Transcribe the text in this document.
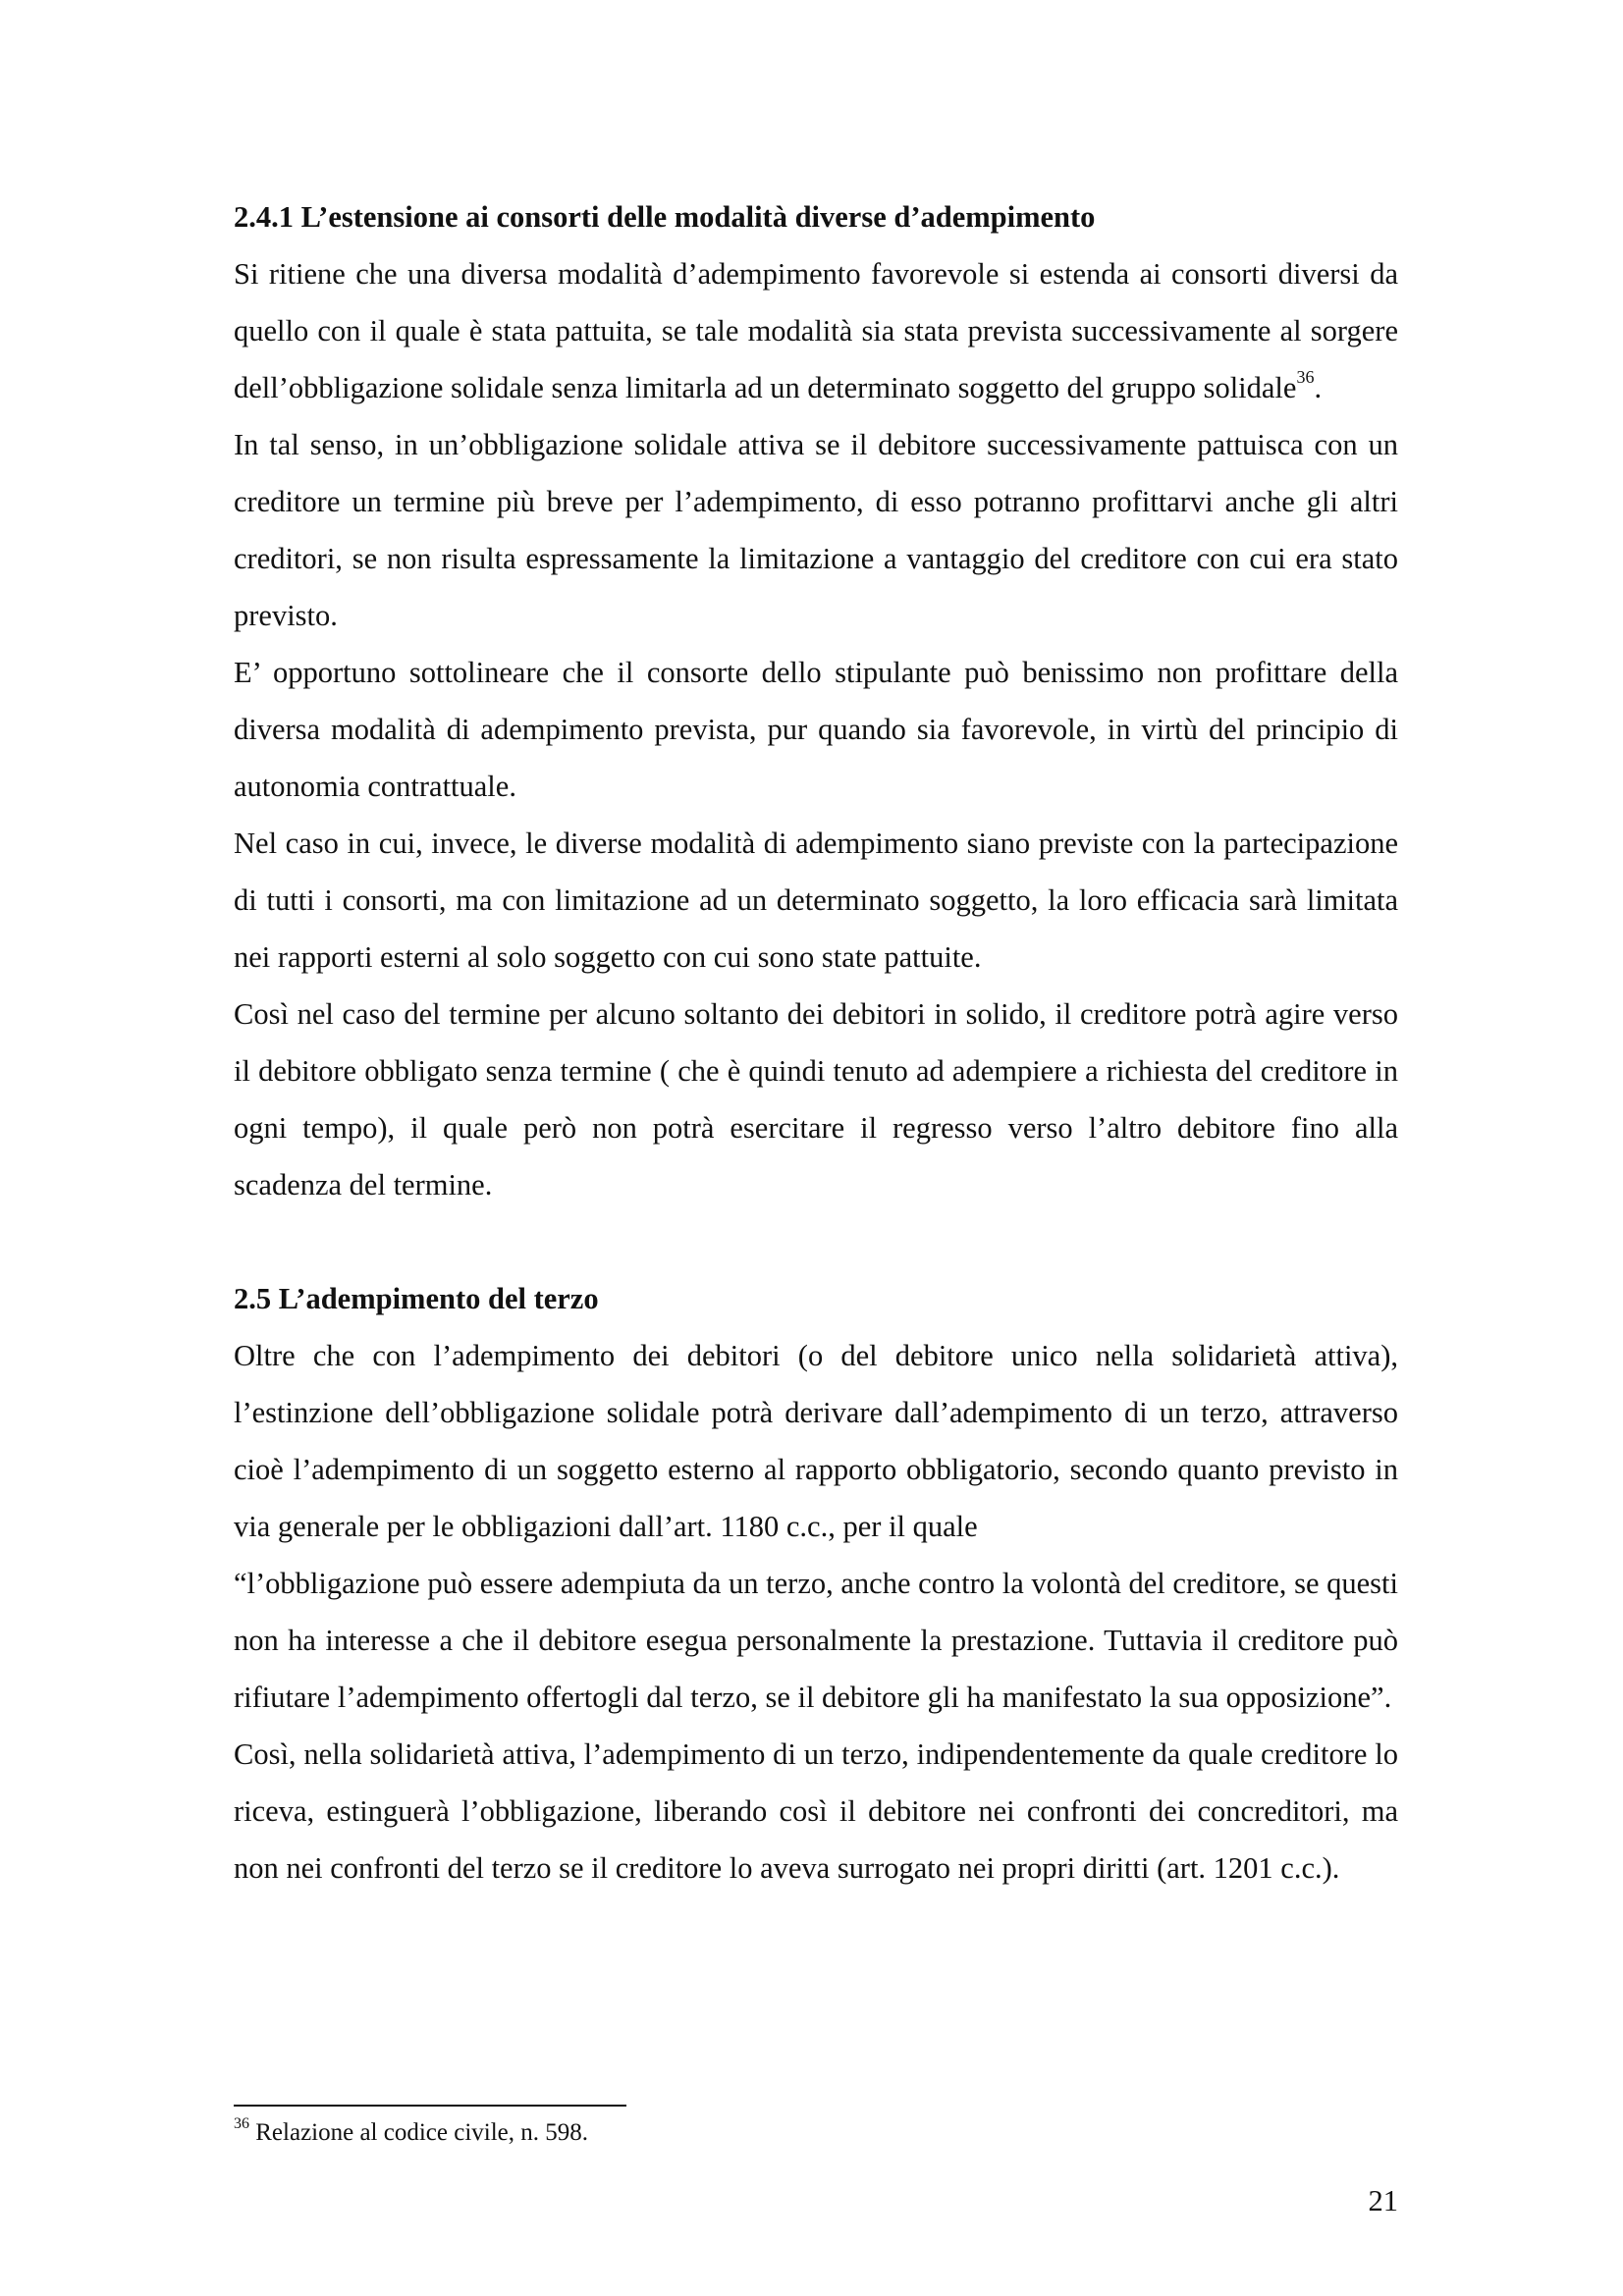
2.4.1 L’estensione ai consorti delle modalità diverse d’adempimento

Si ritiene che una diversa modalità d’adempimento favorevole si estenda ai consorti diversi da quello con il quale è stata pattuita, se tale modalità sia stata prevista successivamente al sorgere dell’obbligazione solidale senza limitarla ad un determinato soggetto del gruppo solidale$^{36}$.

In tal senso, in un’obbligazione solidale attiva se il debitore successivamente pattuisca con un creditore un termine più breve per l’adempimento, di esso potranno profittarvi anche gli altri creditori, se non risulta espressamente la limitazione a vantaggio del creditore con cui era stato previsto.

E’ opportuno sottolineare che il consorte dello stipulante può benissimo non profittare della diversa modalità di adempimento prevista, pur quando sia favorevole, in virtù del principio di autonomia contrattuale.

Nel caso in cui, invece, le diverse modalità di adempimento siano previste con la partecipazione di tutti i consorti, ma con limitazione ad un determinato soggetto, la loro efficacia sarà limitata nei rapporti esterni al solo soggetto con cui sono state pattuite.

Così nel caso del termine per alcuno soltanto dei debitori in solido, il creditore potrà agire verso il debitore obbligato senza termine ( che è quindi tenuto ad adempiere a richiesta del creditore in ogni tempo), il quale però non potrà esercitare il regresso verso l’altro debitore fino alla scadenza del termine.

2.5 L’adempimento del terzo

Oltre che con l’adempimento dei debitori (o del debitore unico nella solidarietà attiva), l’estinzione dell’obbligazione solidale potrà derivare dall’adempimento di un terzo, attraverso cioè l’adempimento di un soggetto esterno al rapporto obbligatorio, secondo quanto previsto in via generale per le obbligazioni dall’art. 1180 c.c., per il quale

“l’obbligazione può essere adempiuta da un terzo, anche contro la volontà del creditore, se questi non ha interesse a che il debitore esegua personalmente la prestazione. Tuttavia il creditore può rifiutare l’adempimento offertogli dal terzo, se il debitore gli ha manifestato la sua opposizione”.

Così, nella solidarietà attiva, l’adempimento di un terzo, indipendentemente da quale creditore lo riceva, estinguerà l’obbligazione, liberando così il debitore nei confronti dei concreditori, ma non nei confronti del terzo se il creditore lo aveva surrogato nei propri diritti (art. 1201 c.c.).

$^{36}$ Relazione al codice civile, n. 598.
21
